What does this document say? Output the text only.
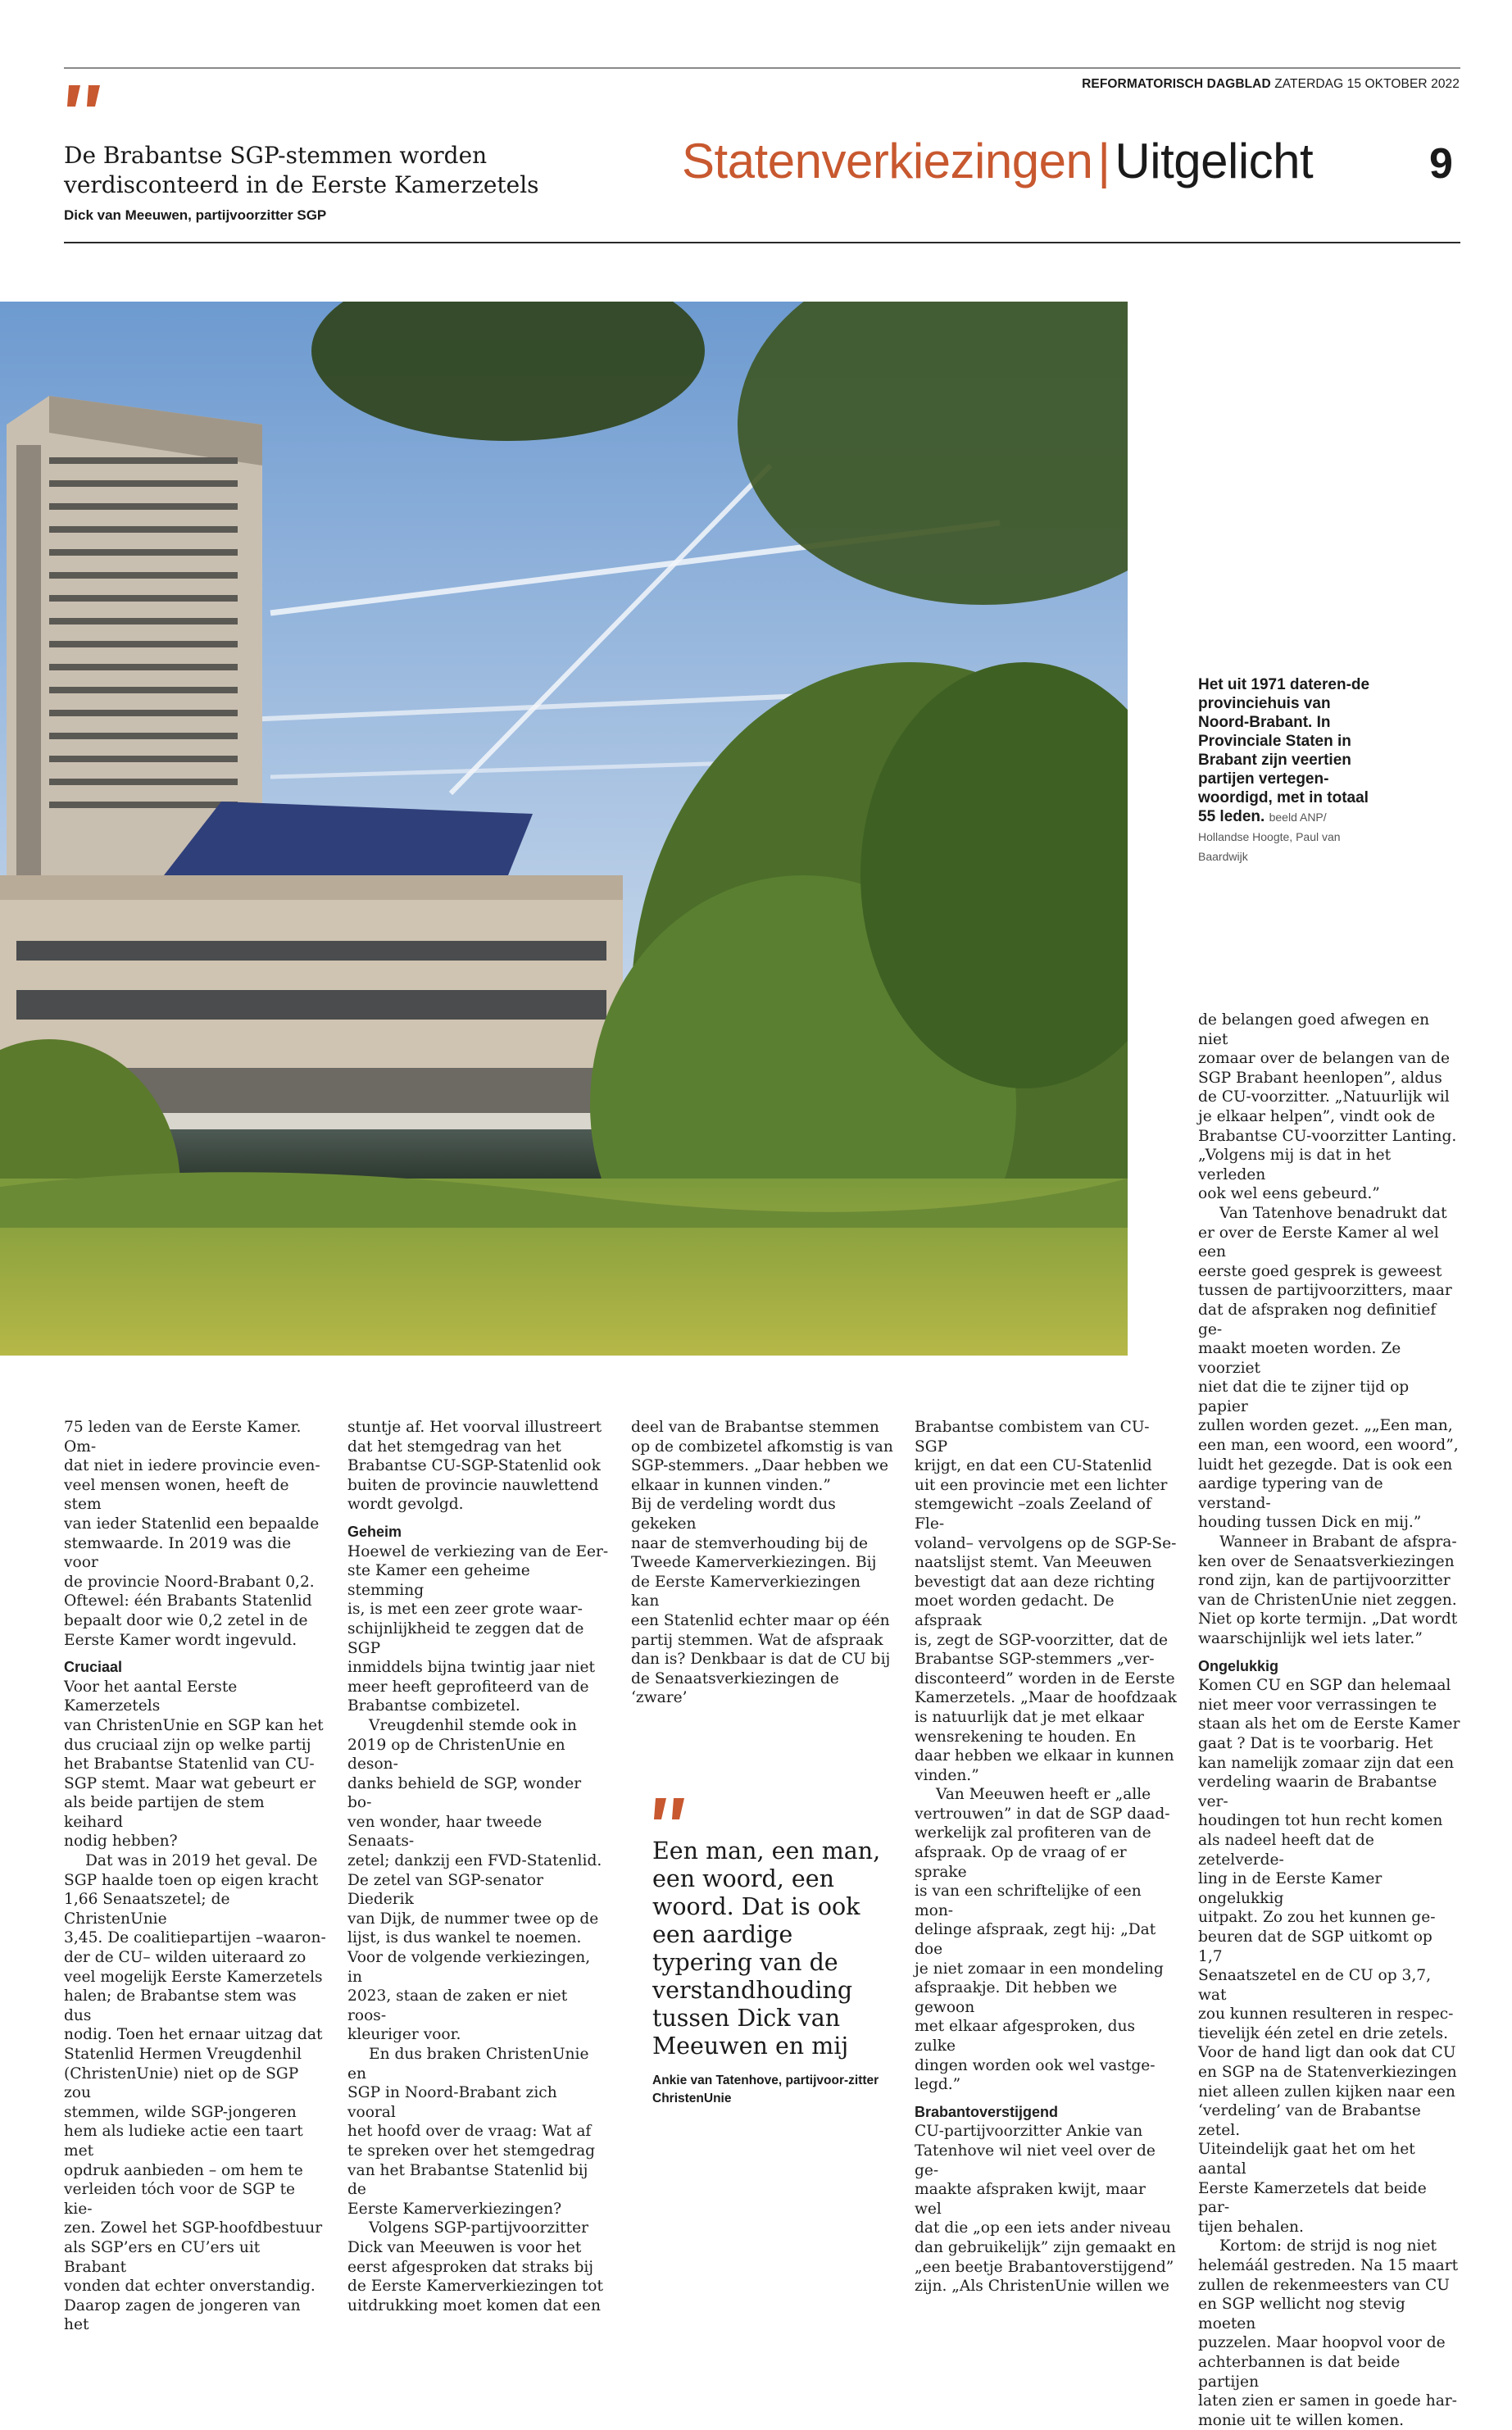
De Brabantse SGP-stemmen worden verdisconteerd in de Eerste Kamerzetels
Dick van Meeuwen, partijvoorzitter SGP
REFORMATORISCH DAGBLAD ZATERDAG 15 OKTOBER 2022
Statenverkiezingen | Uitgelicht	9
Het uit 1971 dateren-de provinciehuis van Noord-Brabant. In Provinciale Staten in Brabant zijn veertien partijen vertegen-woordigd, met in totaal 55 leden. beeld ANP/ Hollandse Hoogte, Paul van Baardwijk

75 leden van de Eerste Kamer. Om-
dat niet in iedere provincie even-
veel mensen wonen, heeft de stem
van ieder Statenlid een bepaalde
stemwaarde. In 2019 was die voor
de provincie Noord-Brabant 0,2.
Oftewel: één Brabants Statenlid
bepaalt door wie 0,2 zetel in de
Eerste Kamer wordt ingevuld.

Cruciaal

Voor het aantal Eerste Kamerzetels
van ChristenUnie en SGP kan het
dus cruciaal zijn op welke partij
het Brabantse Statenlid van CU-
SGP stemt. Maar wat gebeurt er
als beide partijen de stem keihard
nodig hebben?

Dat was in 2019 het geval. De
SGP haalde toen op eigen kracht
1,66 Senaatszetel; de ChristenUnie
3,45. De coalitiepartijen –waaron-
der de CU– wilden uiteraard zo
veel mogelijk Eerste Kamerzetels
halen; de Brabantse stem was dus
nodig. Toen het ernaar uitzag dat
Statenlid Hermen Vreugdenhil
(ChristenUnie) niet op de SGP zou
stemmen, wilde SGP-jongeren
hem als ludieke actie een taart met
opdruk aanbieden – om hem te
verleiden tóch voor de SGP te kie-
zen. Zowel het SGP-hoofdbestuur
als SGP’ers en CU’ers uit Brabant
vonden dat echter onverstandig.
Daarop zagen de jongeren van het

stuntje af. Het voorval illustreert
dat het stemgedrag van het
Brabantse CU-SGP-Statenlid ook
buiten de provincie nauwlettend
wordt gevolgd.

Geheim

Hoewel de verkiezing van de Eer-
ste Kamer een geheime stemming
is, is met een zeer grote waar-
schijnlijkheid te zeggen dat de SGP
inmiddels bijna twintig jaar niet
meer heeft geprofiteerd van de
Brabantse combizetel.

Vreugdenhil stemde ook in
2019 op de ChristenUnie en deson-
danks behield de SGP, wonder bo-
ven wonder, haar tweede Senaats-
zetel; dankzij een FVD-Statenlid.
De zetel van SGP-senator Diederik
van Dijk, de nummer twee op de
lijst, is dus wankel te noemen.
Voor de volgende verkiezingen, in
2023, staan de zaken er niet roos-
kleuriger voor.

En dus braken ChristenUnie en
SGP in Noord-Brabant zich vooral
het hoofd over de vraag: Wat af
te spreken over het stemgedrag
van het Brabantse Statenlid bij de
Eerste Kamerverkiezingen?

Volgens SGP-partijvoorzitter
Dick van Meeuwen is voor het
eerst afgesproken dat straks bij
de Eerste Kamerverkiezingen tot
uitdrukking moet komen dat een

deel van de Brabantse stemmen
op de combizetel afkomstig is van
SGP-stemmers. „Daar hebben we
elkaar in kunnen vinden.”
Bij de verdeling wordt dus gekeken
naar de stemverhouding bij de
Tweede Kamerverkiezingen. Bij
de Eerste Kamerverkiezingen kan
een Statenlid echter maar op één
partij stemmen. Wat de afspraak
dan is? Denkbaar is dat de CU bij
de Senaatsverkiezingen de ‘zware’

Een man, een man, een woord, een woord. Dat is ook een aardige typering van de verstandhouding tussen Dick van Meeuwen en mij
Ankie van Tatenhove, partijvoor-zitter ChristenUnie

Brabantse combistem van CU-SGP
krijgt, en dat een CU-Statenlid
uit een provincie met een lichter
stemgewicht –zoals Zeeland of Fle-
voland– vervolgens op de SGP-Se-
naatslijst stemt. Van Meeuwen
bevestigt dat aan deze richting
moet worden gedacht. De afspraak
is, zegt de SGP-voorzitter, dat de
Brabantse SGP-stemmers „ver-
disconteerd” worden in de Eerste
Kamerzetels. „Maar de hoofdzaak
is natuurlijk dat je met elkaar
wensrekening te houden. En
daar hebben we elkaar in kunnen
vinden.”

Van Meeuwen heeft er „alle
vertrouwen” in dat de SGP daad-
werkelijk zal profiteren van de
afspraak. Op de vraag of er sprake
is van een schriftelijke of een mon-
delinge afspraak, zegt hij: „Dat doe
je niet zomaar in een mondeling
afspraakje. Dit hebben we gewoon
met elkaar afgesproken, dus zulke
dingen worden ook wel vastge-
legd.”

Brabantoverstijgend

CU-partijvoorzitter Ankie van
Tatenhove wil niet veel over de ge-
maakte afspraken kwijt, maar wel
dat die „op een iets ander niveau
dan gebruikelijk” zijn gemaakt en
„een beetje Brabantoverstijgend”
zijn. „Als ChristenUnie willen we

de belangen goed afwegen en niet
zomaar over de belangen van de
SGP Brabant heenlopen”, aldus
de CU-voorzitter. „Natuurlijk wil
je elkaar helpen”, vindt ook de
Brabantse CU-voorzitter Lanting.
„Volgens mij is dat in het verleden
ook wel eens gebeurd.”

Van Tatenhove benadrukt dat
er over de Eerste Kamer al wel een
eerste goed gesprek is geweest
tussen de partijvoorzitters, maar
dat de afspraken nog definitief ge-
maakt moeten worden. Ze voorziet
niet dat die te zijner tijd op papier
zullen worden gezet. „„Een man,
een man, een woord, een woord”,
luidt het gezegde. Dat is ook een
aardige typering van de verstand-
houding tussen Dick en mij.”

Wanneer in Brabant de afspra-
ken over de Senaatsverkiezingen
rond zijn, kan de partijvoorzitter
van de ChristenUnie niet zeggen.
Niet op korte termijn. „Dat wordt
waarschijnlijk wel iets later.”

Ongelukkig

Komen CU en SGP dan helemaal
niet meer voor verrassingen te
staan als het om de Eerste Kamer
gaat ? Dat is te voorbarig. Het
kan namelijk zomaar zijn dat een
verdeling waarin de Brabantse ver-
houdingen tot hun recht komen
als nadeel heeft dat de zetelverde-
ling in de Eerste Kamer ongelukkig
uitpakt. Zo zou het kunnen ge-
beuren dat de SGP uitkomt op 1,7
Senaatszetel en de CU op 3,7, wat
zou kunnen resulteren in respec-
tievelijk één zetel en drie zetels.
Voor de hand ligt dan ook dat CU
en SGP na de Statenverkiezingen
niet alleen zullen kijken naar een
‘verdeling’ van de Brabantse zetel.
Uiteindelijk gaat het om het aantal
Eerste Kamerzetels dat beide par-
tijen behalen.

Kortom: de strijd is nog niet
helemáál gestreden. Na 15 maart
zullen de rekenmeesters van CU
en SGP wellicht nog stevig moeten
puzzelen. Maar hoopvol voor de
achterbannen is dat beide partijen
laten zien er samen in goede har-
monie uit te willen komen.
